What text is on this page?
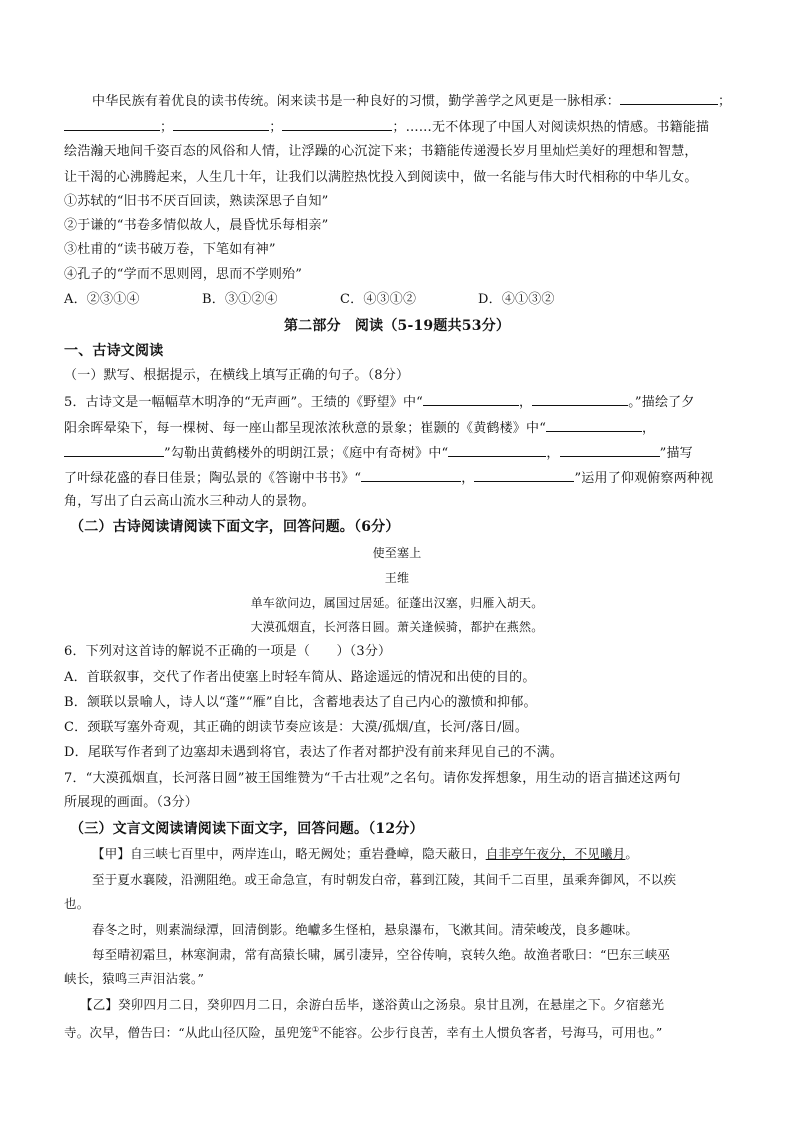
中华民族有着优良的读书传统。闲来读书是一种良好的习惯，勤学善学之风更是一脉相承：	；
；	；	；……无不体现了中国人对阅读炽热的情感。书籍能描
绘浩瀚天地间千姿百态的风俗和人情，让浮躁的心沉淀下来；书籍能传递漫长岁月里灿烂美好的理想和智慧，
让干渴的心沸腾起来，人生几十年，让我们以满腔热忱投入到阅读中，做一名能与伟大时代相称的中华儿女。
①苏轼的“旧书不厌百回读，熟读深思子自知”
②于谦的“书卷多情似故人，晨昏忧乐每相亲”
③杜甫的“读书破万卷，下笔如有神”
④孔子的“学而不思则罔，思而不学则殆”
A．②③①④	B．③①②④	C．④③①②	D．④①③②
第二部分　阅读（5-19题共53分）
一、古诗文阅读
（一）默写、根据提示，在横线上填写正确的句子。（8分）
5．古诗文是一幅幅草木明净的“无声画”。王绩的《野望》中“	，	。”描绘了夕
阳余晖晕染下，每一棵树、每一座山都呈现浓浓秋意的景象；崔颢的《黄鹤楼》中“	，
”勾勒出黄鹤楼外的明朗江景；《庭中有奇树》中“	，	”描写
了叶绿花盛的春日佳景；陶弘景的《答谢中书书》“	，	”运用了仰观俯察两种视
角，写出了白云高山流水三种动人的景物。
（二）古诗阅读请阅读下面文字，回答问题。（6分）
使至塞上
王维
单车欲问边，属国过居延。征蓬出汉塞，归雁入胡天。
大漠孤烟直，长河落日圆。萧关逢候骑，都护在燕然。
6．下列对这首诗的解说不正确的一项是（　　）（3分）
A．首联叙事，交代了作者出使塞上时轻车简从、路途遥远的情况和出使的目的。
B．颔联以景喻人，诗人以“蓬”“雁”自比，含蓄地表达了自己内心的激愤和抑郁。
C．颈联写塞外奇观，其正确的朗读节奏应该是：大漠/孤烟/直，长河/落日/圆。
D．尾联写作者到了边塞却未遇到将官，表达了作者对都护没有前来拜见自己的不满。
7．“大漠孤烟直，长河落日圆”被王国维赞为“千古壮观”之名句。请你发挥想象，用生动的语言描述这两句
所展现的画面。（3分）
（三）文言文阅读请阅读下面文字，回答问题。（12分）
【甲】自三峡七百里中，两岸连山，略无阙处；重岩叠嶂，隐天蔽日，自非亭午夜分，不见曦月。
至于夏水襄陵，沿溯阻绝。或王命急宣，有时朝发白帝，暮到江陵，其间千二百里，虽乘奔御风，不以疾
也。
春冬之时，则素湍绿潭，回清倒影。绝巘多生怪柏，悬泉瀑布，飞漱其间。清荣峻茂，良多趣味。
每至晴初霜旦，林寒涧肃，常有高猿长啸，属引凄异，空谷传响，哀转久绝。故渔者歌曰：“巴东三峡巫
峡长，猿鸣三声泪沾裳。”
【乙】癸卯四月二日，癸卯四月二日，余游白岳毕，遂浴黄山之汤泉。泉甘且冽，在悬崖之下。夕宿慈光
寺。次早，僧告曰：“从此山径仄险，虽兜笼①不能容。公步行良苦，幸有土人惯负客者，号海马，可用也。”
